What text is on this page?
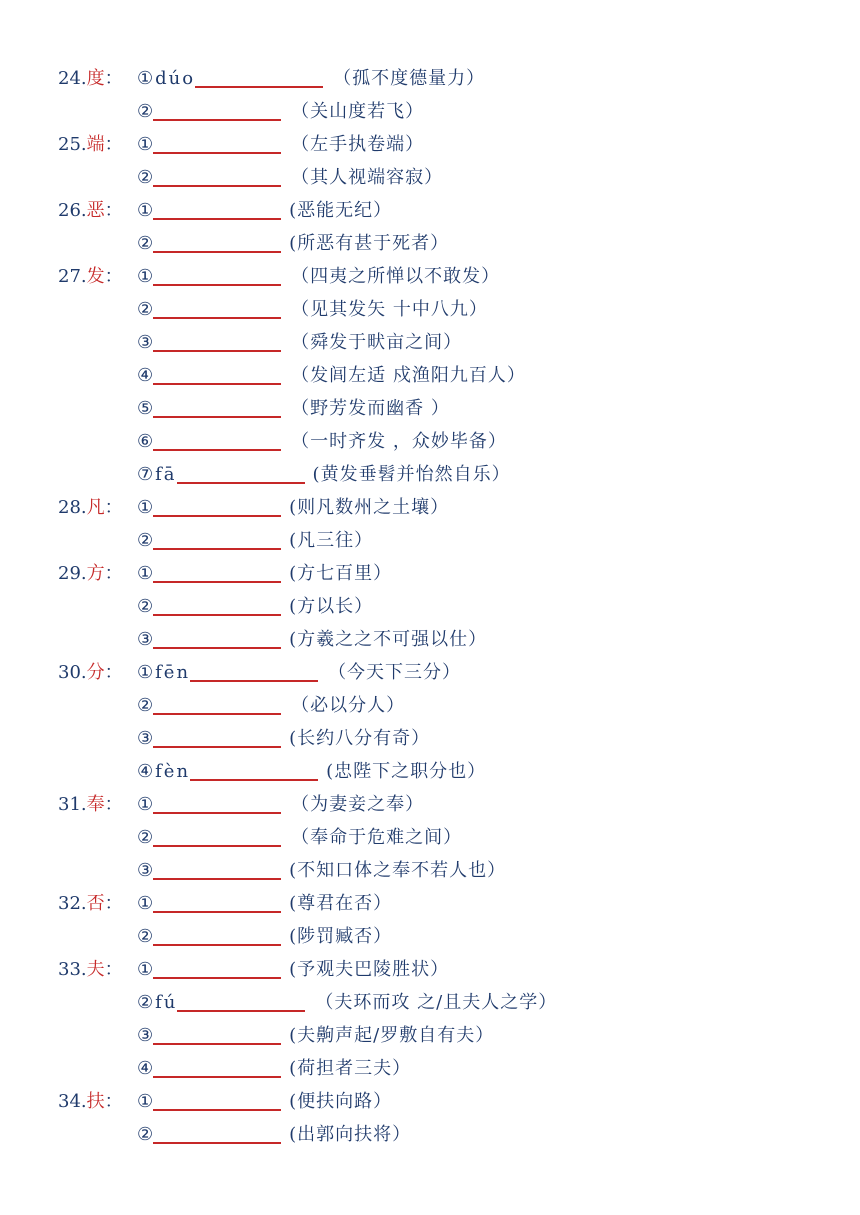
24.度： ① dúo	（孤不度德量力）
②	（关山度若飞）
25.端： ①	（左手执卷端）
②	（其人视端容寂）
26.恶： ①	(恶能无纪）
②	(所恶有甚于死者）
27.发： ①	（四夷之所惮以不敢发）
②	（见其发矢 十中八九）
③	（舜发于畎亩之间）
④	（发闾左适 戍渔阳九百人）
⑤	（野芳发而幽香 ）
⑥	（一时齐发 ，众妙毕备）
⑦ fā	(黄发垂髫并怡然自乐）
28.凡： ①	(则凡数州之土壤）
②	(凡三往）
29.方： ①	(方七百里）
②	(方以长）
③	(方羲之之不可强以仕）
30.分： ① fēn	（今天下三分）
②	（必以分人）
③	(长约八分有奇）
④ fèn	(忠陛下之职分也）
31.奉： ①	（为妻妾之奉）
②	（奉命于危难之间）
③	(不知口体之奉不若人也）
32.否： ①	(尊君在否）
②	(陟罚臧否）
33.夫： ①	(予观夫巴陵胜状）
② fú	（夫环而攻 之/且夫人之学）
③	(夫齁声起/罗敷自有夫）
④	(荷担者三夫）
34.扶： ①	(便扶向路）
②	(出郭向扶将）
